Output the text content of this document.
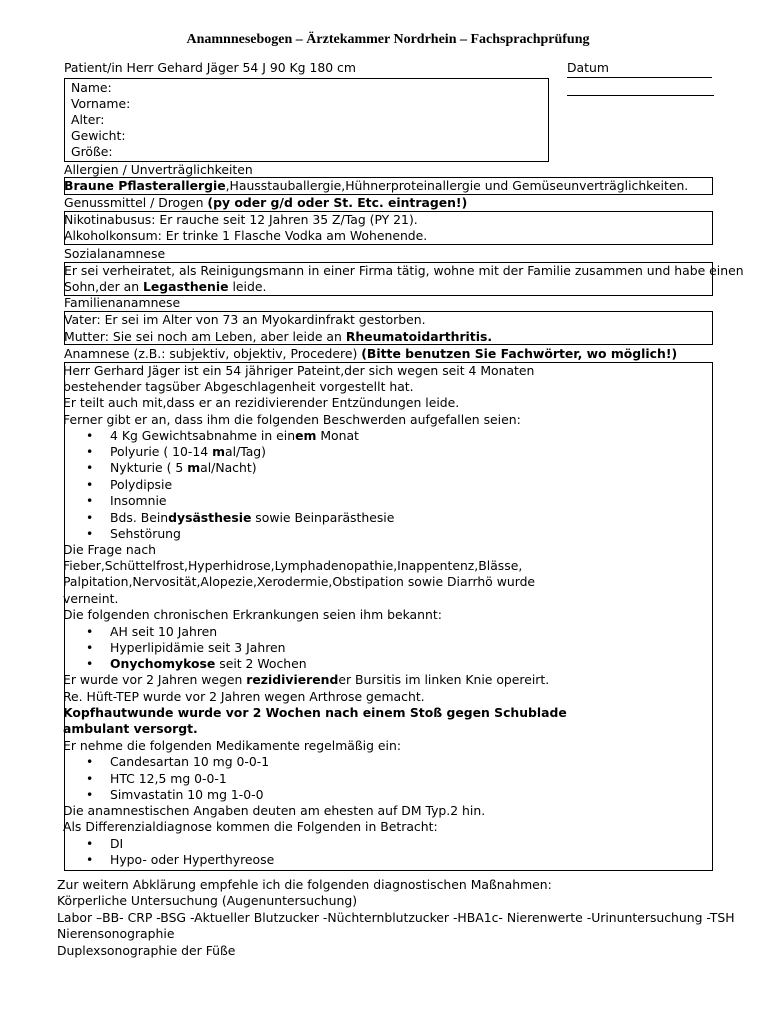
Anamnnesebogen – Ärztekammer Nordrhein – Fachsprachprüfung
Patient/in Herr Gehard Jäger 54 J 90 Kg 180 cm	Datum
Name:
Vorname:
Alter:
Gewicht:
Größe:
Allergien / Unverträglichkeiten
Braune Pflasterallergie,Hausstauballergie,Hühnerproteinallergie und Gemüseunverträglichkeiten.
Genussmittel / Drogen (py oder g/d oder St. Etc. eintragen!)
Nikotinabusus: Er rauche seit 12 Jahren 35 Z/Tag (PY 21).
Alkoholkonsum: Er trinke 1 Flasche Vodka am Wohenende.
Sozialanamnese
Er sei verheiratet, als Reinigungsmann in einer Firma tätig, wohne mit der Familie zusammen und habe einen
Sohn,der an Legasthenie leide.
Familienanamnese
Vater: Er sei im Alter von 73 an Myokardinfrakt gestorben.
Mutter: Sie sei noch am Leben, aber leide an Rheumatoidarthritis.
Anamnese (z.B.: subjektiv, objektiv, Procedere) (Bitte benutzen Sie Fachwörter, wo möglich!)
Herr Gerhard Jäger ist ein 54 jähriger Pateint,der sich wegen seit 4 Monaten
bestehender tagsüber Abgeschlagenheit vorgestellt hat.
Er teilt auch mit,dass er an rezidivierender Entzündungen leide.
Ferner gibt er an, dass ihm die folgenden Beschwerden aufgefallen seien:
4 Kg Gewichtsabnahme in einem Monat
Polyurie ( 10-14 mal/Tag)
Nykturie ( 5 mal/Nacht)
Polydipsie
Insomnie
Bds. Beindysästhesie sowie Beinparästhesie
Sehstörung
Die Frage nach
Fieber,Schüttelfrost,Hyperhidrose,Lymphadenopathie,Inappentenz,Blässe,
Palpitation,Nervosität,Alopezie,Xerodermie,Obstipation sowie Diarrhö wurde
verneint.
Die folgenden chronischen Erkrankungen seien ihm bekannt:
AH seit 10 Jahren
Hyperlipidämie seit 3 Jahren
Onychomykose seit 2 Wochen
Er wurde vor 2 Jahren wegen rezidivierender Bursitis im linken Knie opereirt.
Re. Hüft-TEP wurde vor 2 Jahren wegen Arthrose gemacht.
Kopfhautwunde wurde vor 2 Wochen nach einem Stoß gegen Schublade
ambulant versorgt.
Er nehme die folgenden Medikamente regelmäßig ein:
Candesartan 10 mg 0-0-1
HTC 12,5 mg 0-0-1
Simvastatin 10 mg 1-0-0
Die anamnestischen Angaben deuten am ehesten auf DM Typ.2 hin.
Als Differenzialdiagnose kommen die Folgenden in Betracht:
DI
Hypo- oder Hyperthyreose
Zur weitern Abklärung empfehle ich die folgenden diagnostischen Maßnahmen:
Körperliche Untersuchung (Augenuntersuchung)
Labor –BB- CRP -BSG -Aktueller Blutzucker -Nüchternblutzucker -HBA1c- Nierenwerte -Urinuntersuchung -TSH
Nierensonographie
Duplexsonographie der Füße
